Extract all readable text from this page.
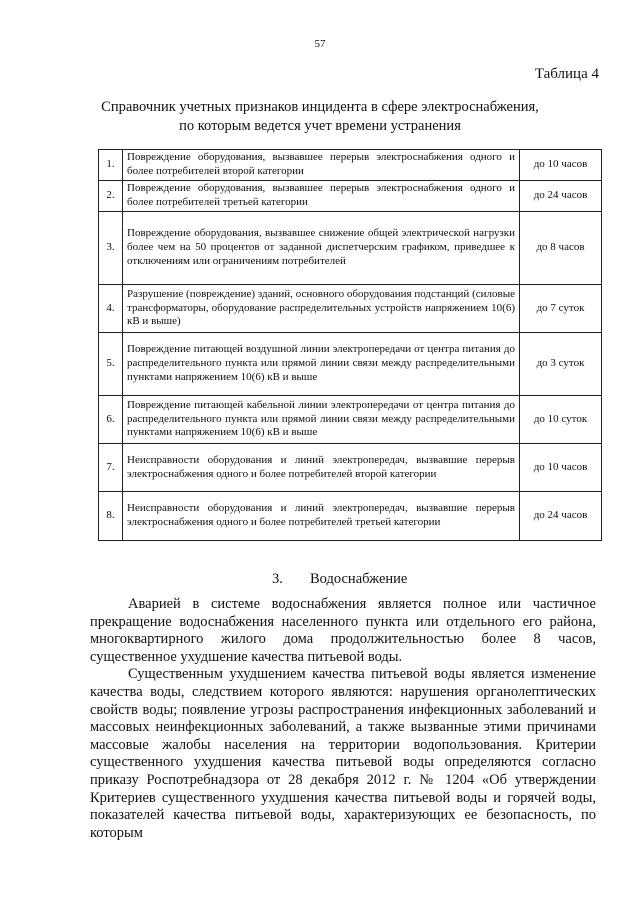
57
Таблица 4
Справочник учетных признаков инцидента в сфере электроснабжения,
по которым ведется учет времени устранения
1.	Повреждение оборудования, вызвавшее перерыв электроснабжения одного и более потребителей второй категории	до 10 часов
2.	Повреждение оборудования, вызвавшее перерыв электроснабжения одного и более потребителей третьей категории	до 24 часов
3.	Повреждение оборудования, вызвавшее снижение общей электрической нагрузки более чем на 50 процентов от заданной диспетчерским графиком, приведшее к отключениям или ограничениям потребителей	до 8 часов
4.	Разрушение (повреждение) зданий, основного оборудования подстанций (силовые трансформаторы, оборудование распределительных устройств напряжением 10(6) кВ и выше)	до 7 суток
5.	Повреждение питающей воздушной линии электропередачи от центра питания до распределительного пункта или прямой линии связи между распределительными пунктами напряжением 10(6) кВ и выше	до 3 суток
6.	Повреждение питающей кабельной линии электропередачи от центра питания до распределительного пункта или прямой линии связи между распределительными пунктами напряжением 10(6) кВ и выше	до 10 суток
7.	Неисправности оборудования и линий электропередач, вызвавшие перерыв электроснабжения одного и более потребителей второй категории	до 10 часов
8.	Неисправности оборудования и линий электропередач, вызвавшие перерыв электроснабжения одного и более потребителей третьей категории	до 24 часов
3. Водоснабжение

Аварией в системе водоснабжения является полное или частичное прекращение водоснабжения населенного пункта или отдельного его района, многоквартирного жилого дома продолжительностью более 8 часов, существенное ухудшение качества питьевой воды.

Существенным ухудшением качества питьевой воды является изменение качества воды, следствием которого являются: нарушения органолептических свойств воды; появление угрозы распространения инфекционных заболеваний и массовых неинфекционных заболеваний, а также вызванные этими причинами массовые жалобы населения на территории водопользования. Критерии существенного ухудшения качества питьевой воды определяются согласно приказу Роспотребнадзора от 28 декабря 2012 г. № 1204 «Об утверждении Критериев существенного ухудшения качества питьевой воды и горячей воды, показателей качества питьевой воды, характеризующих ее безопасность, по которым
